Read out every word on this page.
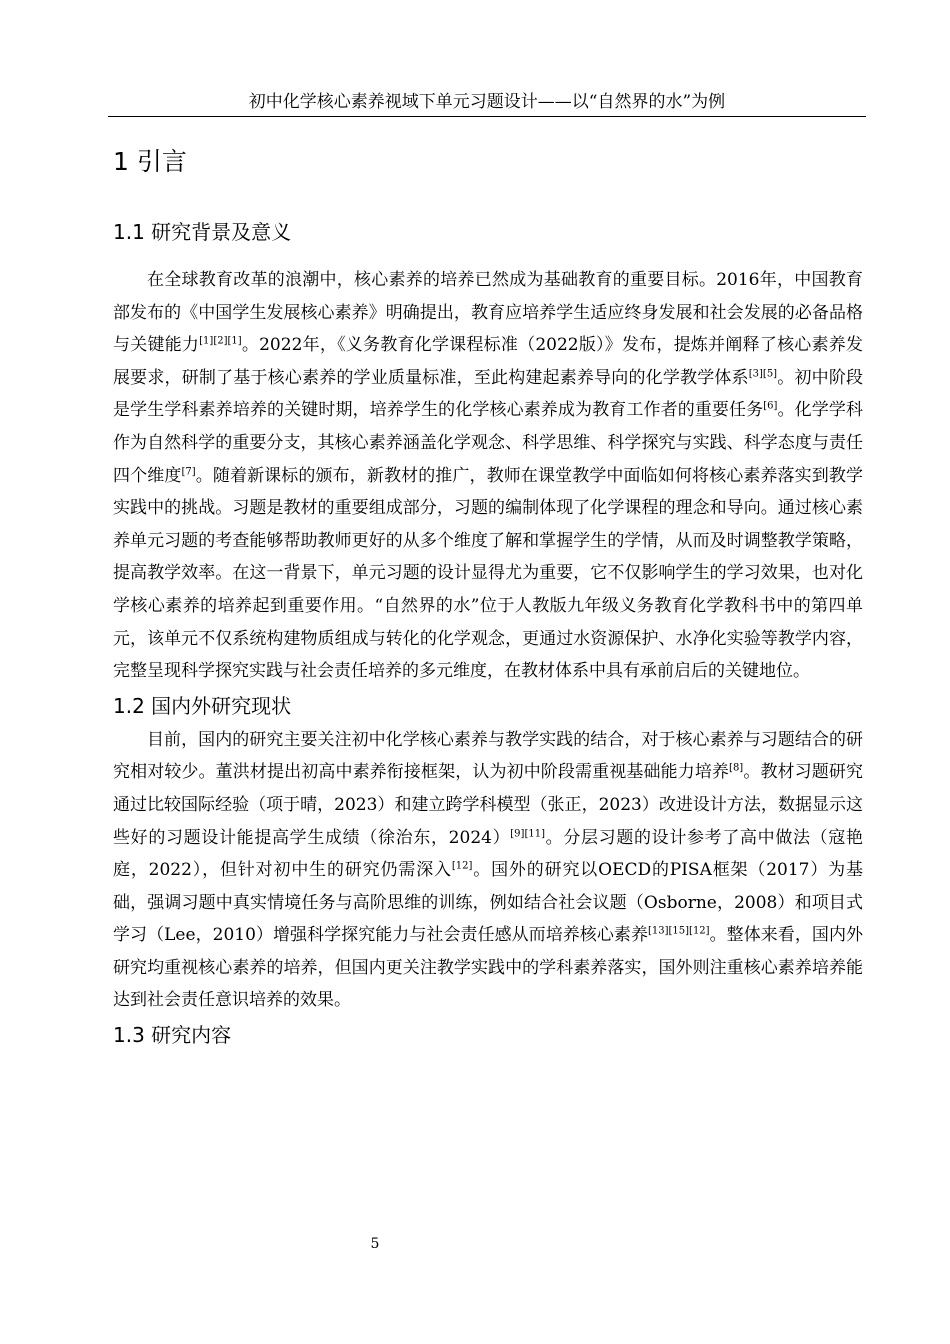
初中化学核心素养视域下单元习题设计——以“自然界的水”为例
1 引言
1.1 研究背景及意义

在全球教育改革的浪潮中，核心素养的培养已然成为基础教育的重要目标。2016年，中国教育部发布的《中国学生发展核心素养》明确提出，教育应培养学生适应终身发展和社会发展的必备品格与关键能力[1][2][1]。2022年，《义务教育化学课程标准（2022版）》发布，提炼并阐释了核心素养发展要求，研制了基于核心素养的学业质量标准，至此构建起素养导向的化学教学体系[3][5]。初中阶段是学生学科素养培养的关键时期，培养学生的化学核心素养成为教育工作者的重要任务[6]。化学学科作为自然科学的重要分支，其核心素养涵盖化学观念、科学思维、科学探究与实践、科学态度与责任四个维度[7]。随着新课标的颁布，新教材的推广，教师在课堂教学中面临如何将核心素养落实到教学实践中的挑战。习题是教材的重要组成部分，习题的编制体现了化学课程的理念和导向。通过核心素养单元习题的考查能够帮助教师更好的从多个维度了解和掌握学生的学情，从而及时调整教学策略，提高教学效率。在这一背景下，单元习题的设计显得尤为重要，它不仅影响学生的学习效果，也对化学核心素养的培养起到重要作用。“自然界的水”位于人教版九年级义务教育化学教科书中的第四单元，该单元不仅系统构建物质组成与转化的化学观念，更通过水资源保护、水净化实验等教学内容，完整呈现科学探究实践与社会责任培养的多元维度，在教材体系中具有承前启后的关键地位。

1.2 国内外研究现状

目前，国内的研究主要关注初中化学核心素养与教学实践的结合，对于核心素养与习题结合的研究相对较少。董洪材提出初高中素养衔接框架，认为初中阶段需重视基础能力培养[8]。教材习题研究通过比较国际经验（项于晴，2023）和建立跨学科模型（张正，2023）改进设计方法，数据显示这些好的习题设计能提高学生成绩（徐治东，2024）[9][11]。分层习题的设计参考了高中做法（寇艳庭，2022），但针对初中生的研究仍需深入[12]。国外的研究以OECD的PISA框架（2017）为基础，强调习题中真实情境任务与高阶思维的训练，例如结合社会议题（Osborne，2008）和项目式学习（Lee，2010）增强科学探究能力与社会责任感从而培养核心素养[13][15][12]。整体来看，国内外研究均重视核心素养的培养，但国内更关注教学实践中的学科素养落实，国外则注重核心素养培养能达到社会责任意识培养的效果。

1.3 研究内容
5
